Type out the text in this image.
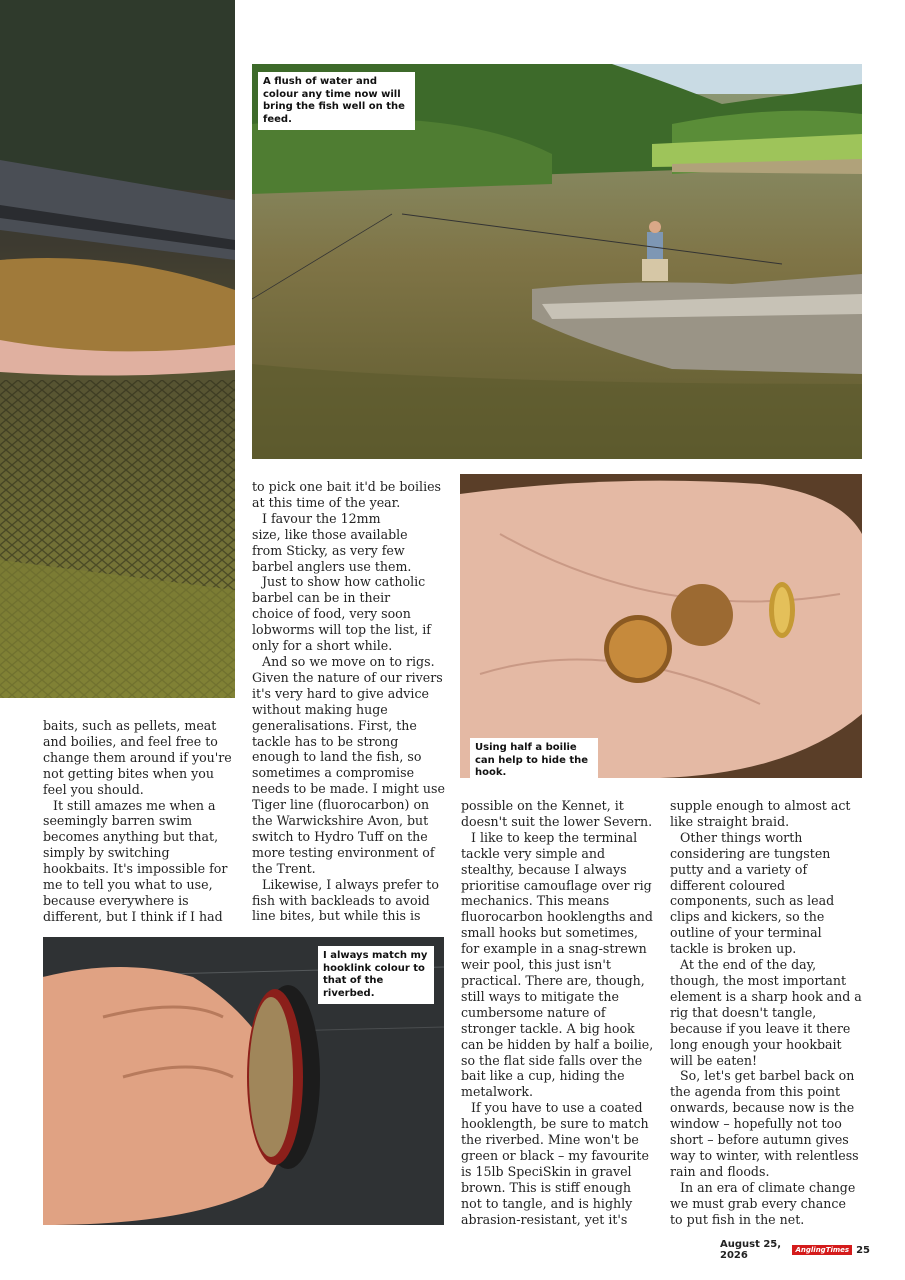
A flush of water and colour any time now will bring the fish well on the feed.
Using half a boilie can help to hide the hook.
I always match my hooklink colour to that of the riverbed.

baits, such as pellets, meat and boilies, and feel free to change them around if you're not getting bites when you feel you should.

It still amazes me when a seemingly barren swim becomes anything but that, simply by switching hookbaits. It's impossible for me to tell you what to use, because everywhere is different, but I think if I had

to pick one bait it'd be boilies at this time of the year.

I favour the 12mm size, like those available from Sticky, as very few barbel anglers use them.

Just to show how catholic barbel can be in their choice of food, very soon lobworms will top the list, if only for a short while.

And so we move on to rigs. Given the nature of our rivers it's very hard to give advice without making huge generalisations. First, the tackle has to be strong enough to land the fish, so sometimes a compromise needs to be made. I might use Tiger line (fluorocarbon) on the Warwickshire Avon, but switch to Hydro Tuff on the more testing environment of the Trent.

Likewise, I always prefer to fish with backleads to avoid line bites, but while this is

possible on the Kennet, it doesn't suit the lower Severn.

I like to keep the terminal tackle very simple and stealthy, because I always prioritise camouflage over rig mechanics. This means fluorocarbon hooklengths and small hooks but sometimes, for example in a snag-strewn weir pool, this just isn't practical. There are, though, still ways to mitigate the cumbersome nature of stronger tackle. A big hook can be hidden by half a boilie, so the flat side falls over the bait like a cup, hiding the metalwork.

If you have to use a coated hooklength, be sure to match the riverbed. Mine won't be green or black – my favourite is 15lb SpeciSkin in gravel brown. This is stiff enough not to tangle, and is highly abrasion-resistant, yet it's

supple enough to almost act like straight braid.

Other things worth considering are tungsten putty and a variety of different coloured components, such as lead clips and kickers, so the outline of your terminal tackle is broken up.

At the end of the day, though, the most important element is a sharp hook and a rig that doesn't tangle, because if you leave it there long enough your hookbait will be eaten!

So, let's get barbel back on the agenda from this point onwards, because now is the window – hopefully not too short – before autumn gives way to winter, with relentless rain and floods.

In an era of climate change we must grab every chance to put fish in the net.

August 25, 2026	AnglingTimes 25
